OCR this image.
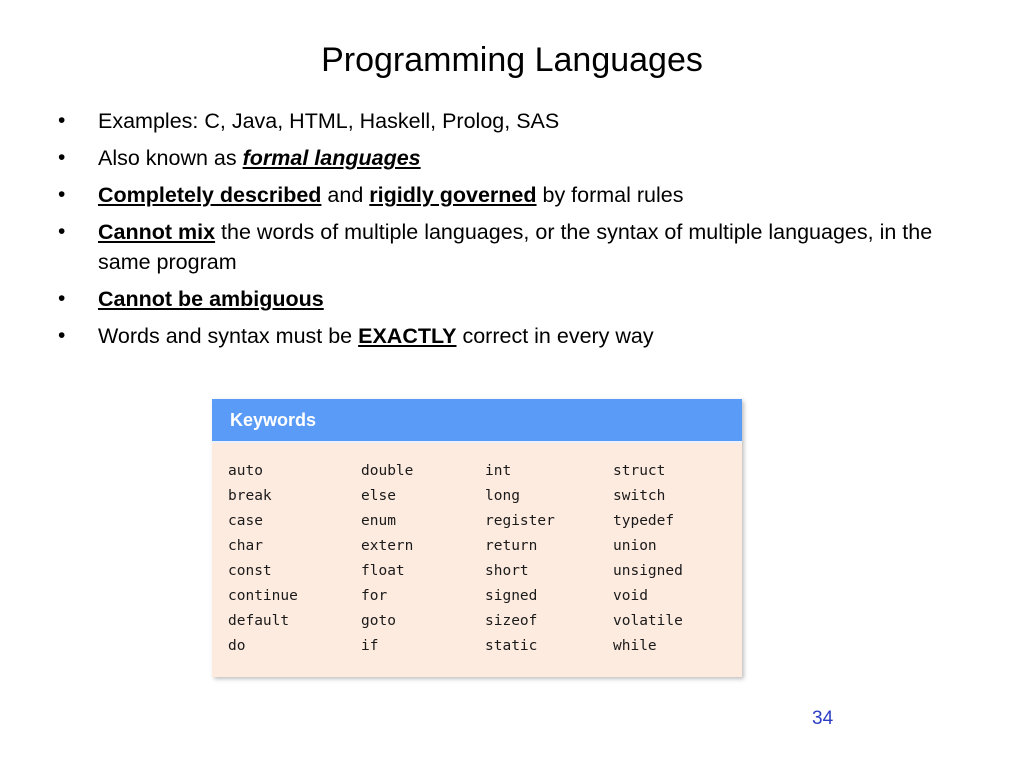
Programming Languages
•	Examples: C, Java, HTML, Haskell, Prolog, SAS
•	Also known as formal languages
•	Completely described and rigidly governed by formal rules
•	Cannot mix the words of multiple languages, or the syntax of multiple languages, in the same program
•	Cannot be ambiguous
•	Words and syntax must be EXACTLY correct in every way
Keywords
auto	double	int	struct
break	else	long	switch
case	enum	register	typedef
char	extern	return	union
const	float	short	unsigned
continue	for	signed	void
default	goto	sizeof	volatile
do	if	static	while
34
